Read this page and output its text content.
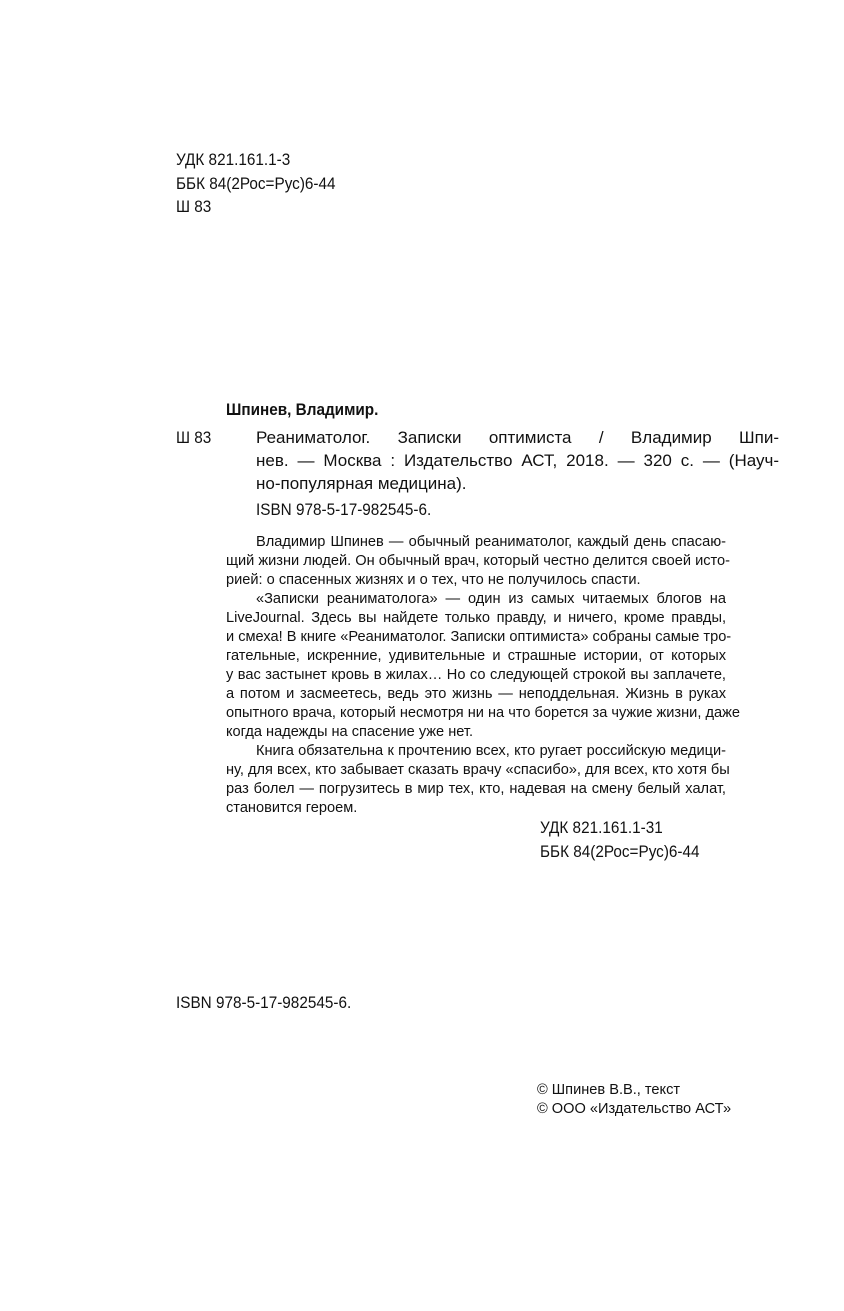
УДК 821.161.1-3
ББК 84(2Рос=Рус)6-44
Ш 83
Шпинев, Владимир.
Ш 83	Реаниматолог. Записки оптимиста / Владимир Шпи-
нев. — Москва : Издательство АСТ, 2018. — 320 с. — (Науч-
но-популярная медицина).
ISBN 978-5-17-982545-6.

Владимир Шпинев — обычный реаниматолог, каждый день спасаю-
щий жизни людей. Он обычный врач, который честно делится своей исто-
рией: о спасенных жизнях и о тех, что не получилось спасти.

«Записки реаниматолога» — один из самых читаемых блогов на
LiveJournal. Здесь вы найдете только правду, и ничего, кроме правды,
и смеха! В книге «Реаниматолог. Записки оптимиста» собраны самые тро-
гательные, искренние, удивительные и страшные истории, от которых
у вас застынет кровь в жилах… Но со следующей строкой вы заплачете,
а потом и засмеетесь, ведь это жизнь — неподдельная. Жизнь в руках
опытного врача, который несмотря ни на что борется за чужие жизни, даже
когда надежды на спасение уже нет.

Книга обязательна к прочтению всех, кто ругает российскую медици-
ну, для всех, кто забывает сказать врачу «спасибо», для всех, кто хотя бы
раз болел — погрузитесь в мир тех, кто, надевая на смену белый халат,
становится героем.

УДК 821.161.1-31
ББК 84(2Рос=Рус)6-44
ISBN 978-5-17-982545-6.
© Шпинев В.В., текст
© ООО «Издательство АСТ»
